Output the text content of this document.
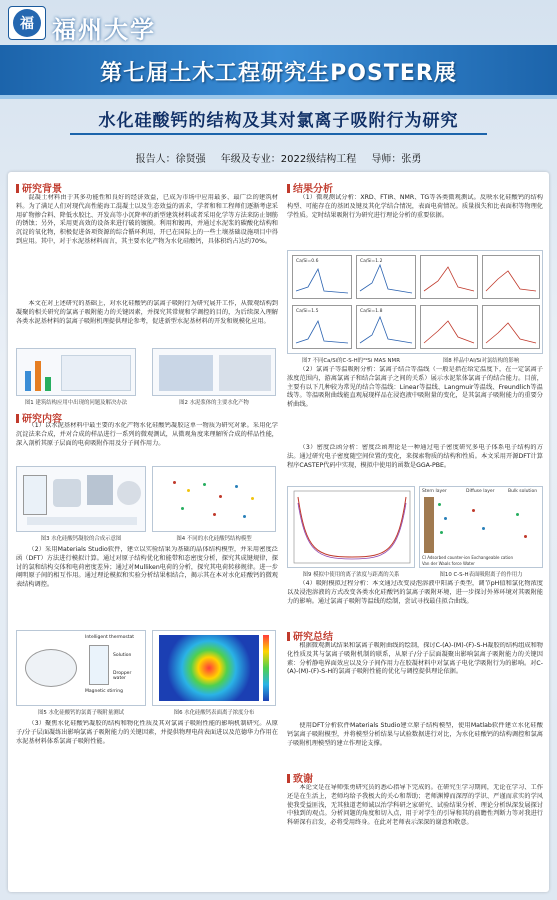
福 福州大学
第七届土木工程研究生POSTER展
水化硅酸钙的结构及其对氯离子吸附行为研究
报告人：徐贤强 年级及专业：2022级结构工程 导师：张勇
研究背景
混凝土材料由于其多功能性和良好的经济效益，已成为市场中应用最多、最广泛的建筑材料。为了满足人们对现代高性能海工混凝土以及生态效益的需求，学者和和工程师们逐渐考虑采用矿物掺合料、降低水胶比、开发高等小沉降率的新型建筑材料或者采用化学等方法来防止钢筋的锈蚀；另外，采用更高效的设备来进行破的镀膜。利用和镀再，并通过水泥浆的碳酸化结构和沉淀的氧化物，积极促进备项资源的综合循环利用，开已在国际上的一些土壤基础设施项目中得到应用。其中，对于水泥基材料而言，其主要水化产物为水化硅酸钙，具体积约占达约70%。
本文在对上述研究的基础上，对水化硅酸钙的氯离子吸附行为研究展开工作，从微观结构到凝聚的相关研究的氯离子吸附能力的关键因素，并探究其常规和学调控的目的，为后续深入理解各类水泥基材料的氯离子吸附机理提供理论参考，促进新型水泥基材料的开发和规模化应用。
图1 建筑结构应用中出现的问题及解决办法	图2 水泥浆体的主要水化产物
研究内容
（1）以水泥基材料中最主要的水化产物水化硅酸钙凝胶这单一物质为研究对象。采用化学沉淀法来合成，并对合成的样品进行一系列的微观测试，从微观角度来理解所合成的样品性能，深入剖析其原子层面的电荷吸附作用及分子间作用力。
图3 水化硅酸钙凝胶的合成示意图	图4 不同的水化硅酸钙结构模型
（2）采用Materials Studio软件，建立以实验结果为基础的晶体结构模型，并采用密度泛函（DFT）方法进行模拟计算。通过对原子结构优化和能带和态密度分析，探究其成键规律，探讨的氯和结构交体和电荷密度差异；通过对Mulliken电荷的分析，探究其电荷转移规律。进一步阐明原子间的相互作用。通过理论模拟和实验分析结果相结合，揭示其在本对水化硅酸钙的微观表结构调控。
Intelligent thermostat
Solution
Magnetic stirring
Dropper water
图5 水化硅酸钙的氯离子吸附量测试	图6 水化硅酸钙表面离子浓度分布
（3）聚焦水化硅酸钙凝胶的结构和物化性质及其对氯离子吸附性能的影响机制研究。从原子/分子层面凝练出影响氯离子吸附能力的关键因素，并提供物理电荷表面进以及范德华力作用在水泥基材料体系氯离子吸附性能。
结果分析
（1）微观测试分析：XRD、FTIR、NMR、TG等各类微观测试。反映水化硅酸钙的结构构型、可能存在的基团及键及其化学结合情况，表面电荷情况。质量损失和比表面积等物理化学性质。定时结果吸附行为研究进行理论分析的重要依据。
Ca/Si=0.6	Ca/Si=1.2
Ca/Si=1.5	Ca/Si=1.8
图7 不同Ca/Si的C-S-H的²⁹Si MAS NMR	图8 样品中Al/Si对氯结构的影响
（2）氯离子等温吸附分析：氯离子结合等温线（一般是指在给定温度下，在一定氯离子浓度范围内，游离氯离子和结合氯离子之间的关系）展示水泥浆体氯离子的结合能力。目前，主要有以下几种较为常见的结合等温线：Linear等温线、Langmuir等温线、Freundlich等温线等。等温吸附曲线能直观展现样品在浸泡液中吸附量的变化，是其氯离子吸附能力的重要分析曲线。
（3）密度泛函分析：密度泛函理论是一种通过电子密度研究多电子体系电子结构的方法。通过研究电子密度随空间位置的变化，来探索物质的结构和性质。本文采用开源DFT计算程序CASTEP代码中实现，模拟中使用的函数是GGA-PBE。
Stern layer	Diffuse layer	Bulk solution
Cl Adsorbed counter-ion Exchangeable cation
Van der Waals force Water
图9 模拟中使用的离子浓度与距离的关系	图10 C-S-H表面吸附离子的作用力
（4）吸附模拟过程分析：本文通过改变浸泡溶液中阳离子类型，调节pH值和氯化物浓度以及浸泡溶液的方式改变各类水化硅酸钙的氯离子吸附环境，进一步探讨外界环境对其吸附能力的影响。通过氯离子吸附等温线的绘制，尝试寻找最佳拟合曲线。
研究总结
根据微观测试结果和氯离子吸附曲线的绘制，探讨C-(A)-(M)-(F)-S-H凝胶的结构组成和物化性质及其与氯离子吸附机制的联系，从原子/分子层面凝聚出影响氯离子吸附能力的关键因素：分析静电界面效应以及分子间作用力在胶凝材料中对氯离子电化学吸附行为的影响。对C-(A)-(M)-(F)-S-H的氯离子吸附性能的优化与调控提供理论依据。
使用DFT分析软件Materials Studio建立原子结构模型，使用Matlab软件建立水化硅酸钙氯离子吸附模型，并将模型分析结果与试验数据进行对比，为水化硅酸钙的结构调控和氯离子吸附机理模型的建立作理论支撑。
致谢
本论文是在导师张勇研究员的悉心指导下完成的。在研究生学习期间，无论在学习、工作还是在生活上，老师均给予我极大的关心和帮助；老师渊博而深厚的学识、严谨而求实的学风使我受益匪浅，无其独道老师诚以治学科研之家研究、试验结果分析、理论分析纵深发展探讨中独到的观点。分析问题的角度和切入点，用于对学生的引导和其的前瞻性判断力等对我进行科研深有启发，必将受用终身。在此对老师表示深深的谢意和敬意。
